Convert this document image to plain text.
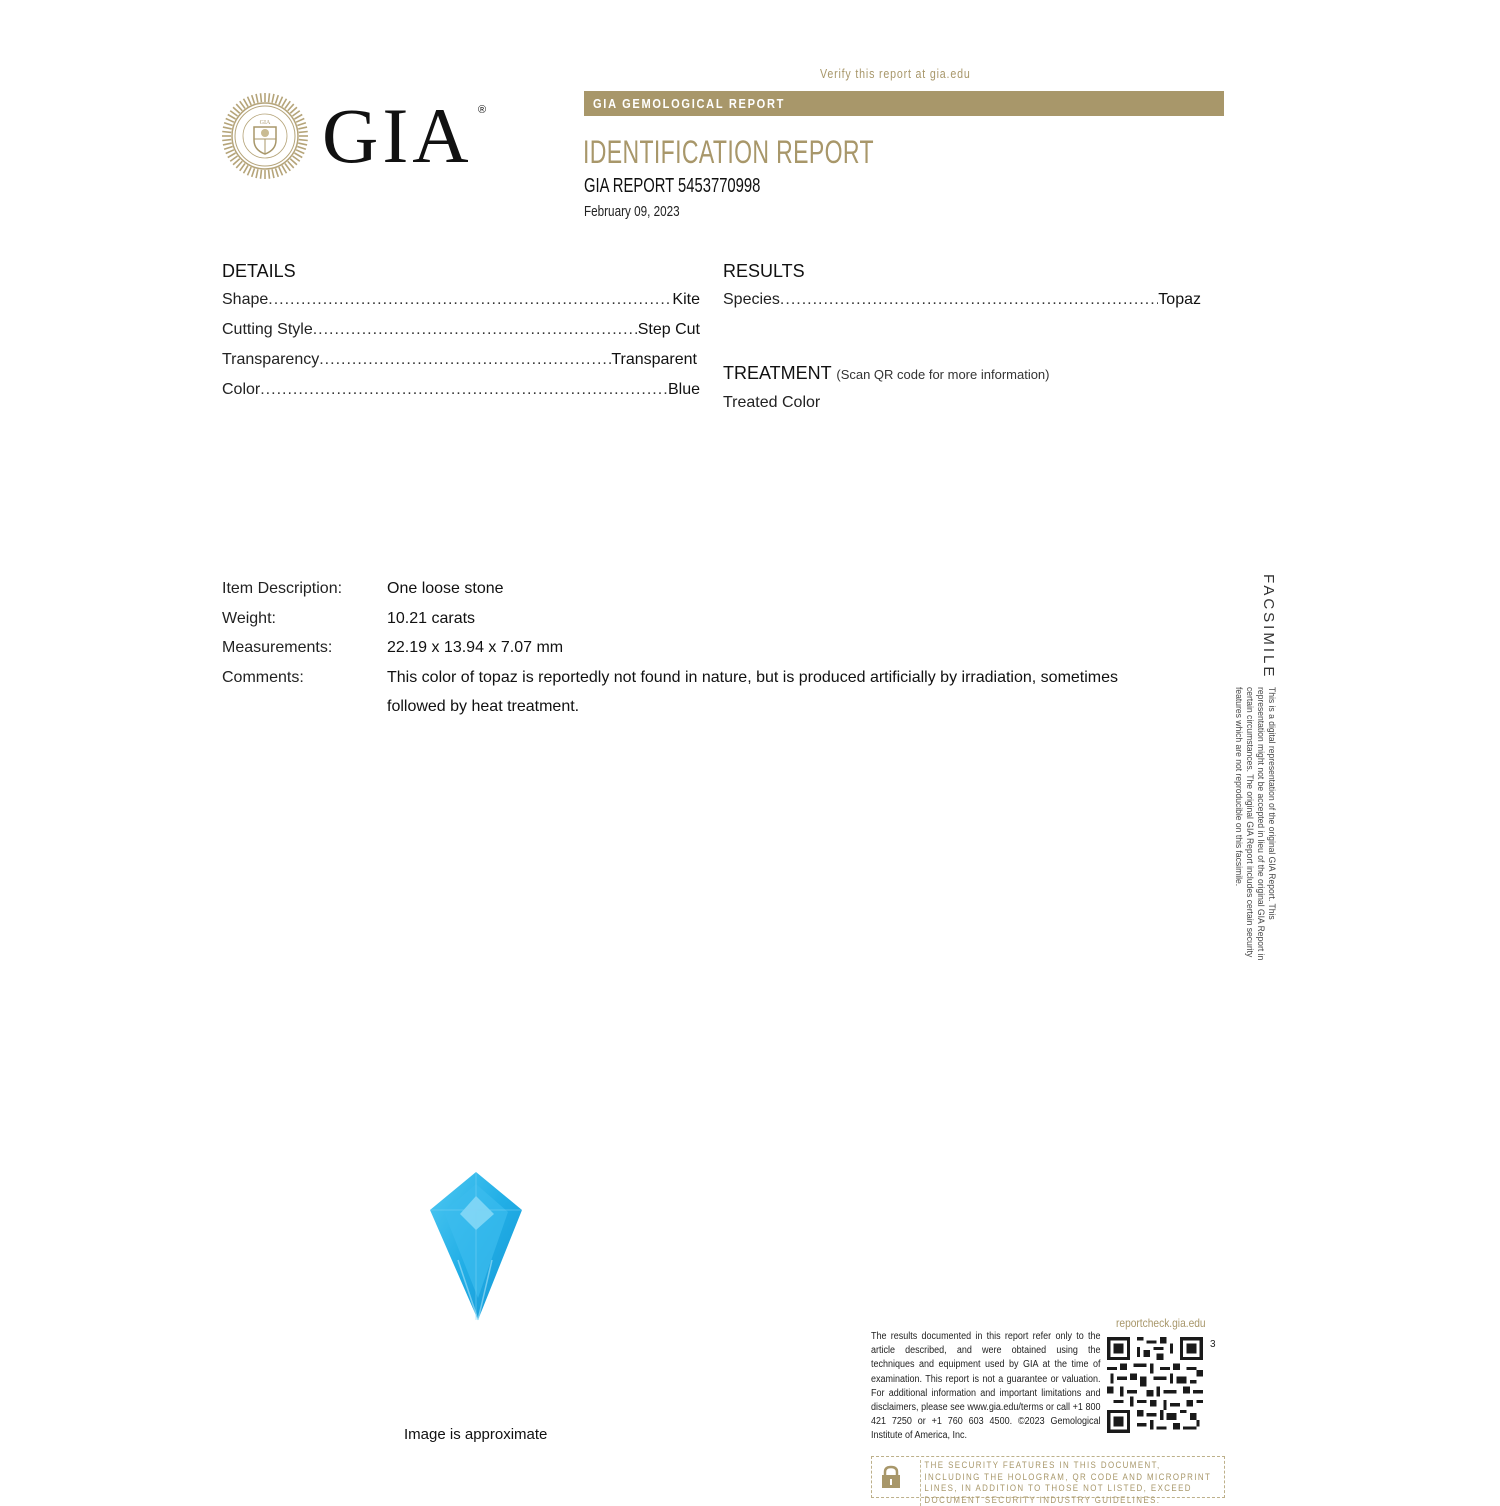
GIA GIA ®
Verify this report at gia.edu
GIA GEMOLOGICAL REPORT
IDENTIFICATION REPORT
GIA REPORT 5453770998
February 09, 2023
DETAILS
Shape .....	Kite
Cutting Style .....	Step Cut
Transparency .....	Transparent
Color .....	Blue
RESULTS
Species .....	Topaz
TREATMENT (Scan QR code for more information)
Treated Color
Item Description:	One loose stone
Weight:	10.21 carats
Measurements:	22.19 x 13.94 x 7.07 mm
Comments:	This color of topaz is reportedly not found in nature, but is produced artificially by irradiation, sometimes followed by heat treatment.
FACSIMILE
This is a digital representation of the original GIA Report. This representation might not be accepted in lieu of the original GIA Report in certain circumstances. The original GIA Report includes certain security features which are not reproducible on this facsimile.
Image is approximate
The results documented in this report refer only to the article described, and were obtained using the techniques and equipment used by GIA at the time of examination. This report is not a guarantee or valuation. For additional information and important limitations and disclaimers, please see www.gia.edu/terms or call +1 800 421 7250 or +1 760 603 4500. ©2023 Gemological Institute of America, Inc.
reportcheck.gia.edu
3
THE SECURITY FEATURES IN THIS DOCUMENT, INCLUDING THE HOLOGRAM, QR CODE AND MICROPRINT LINES, IN ADDITION TO THOSE NOT LISTED, EXCEED DOCUMENT SECURITY INDUSTRY GUIDELINES.
